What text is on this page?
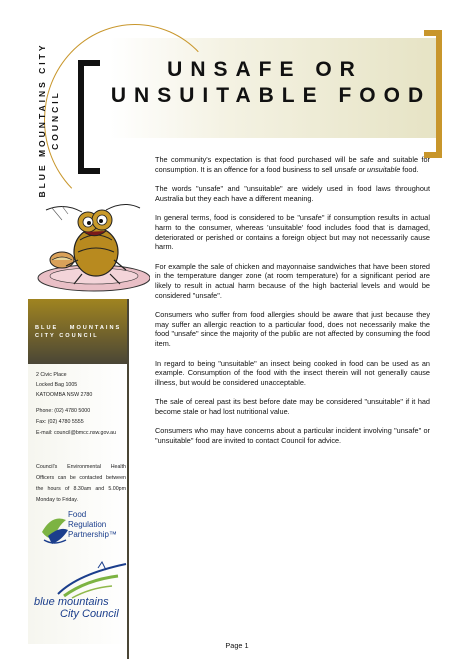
BLUE MOUNTAINS CITY COUNCIL
UNSAFE OR
UNSUITABLE FOOD
BLUE MOUNTAINS
CITY COUNCIL
2 Civic Place
Locked Bag 1005
KATOOMBA NSW 2780
Phone: (02) 4780 5000
Fax: (02) 4780 5555
E-mail: council@bmcc.nsw.gov.au
Council's Environmental Health Officers can be contacted between the hours of 8.30am and 5.00pm Monday to Friday.
Food
Regulation
Partnership™
blue mountains
City Council

The community's expectation is that food purchased will be safe and suitable for consumption. It is an offence for a food business to sell unsafe or unsuitable food.

The words "unsafe" and "unsuitable" are widely used in food laws throughout Australia but they each have a different meaning.

In general terms, food is considered to be "unsafe" if consumption results in actual harm to the consumer, whereas 'unsuitable' food includes food that is damaged, deteriorated or perished or contains a foreign object but may not necessarily cause harm.

For example the sale of chicken and mayonnaise sandwiches that have been stored in the temperature danger zone (at room temperature) for a significant period are likely to result in actual harm because of the high bacterial levels and would be considered "unsafe".

Consumers who suffer from food allergies should be aware that just because they may suffer an allergic reaction to a particular food, does not necessarily make the food "unsafe" since the majority of the public are not affected by consuming the food item.

In regard to being "unsuitable" an insect being cooked in food can be used as an example. Consumption of the food with the insect therein will not generally cause illness, but would be considered unacceptable.

The sale of cereal past its best before date may be considered "unsuitable" if it had become stale or had lost nutritional value.

Consumers who may have concerns about a particular incident involving "unsafe" or "unsuitable" food are invited to contact Council for advice.

Page 1
